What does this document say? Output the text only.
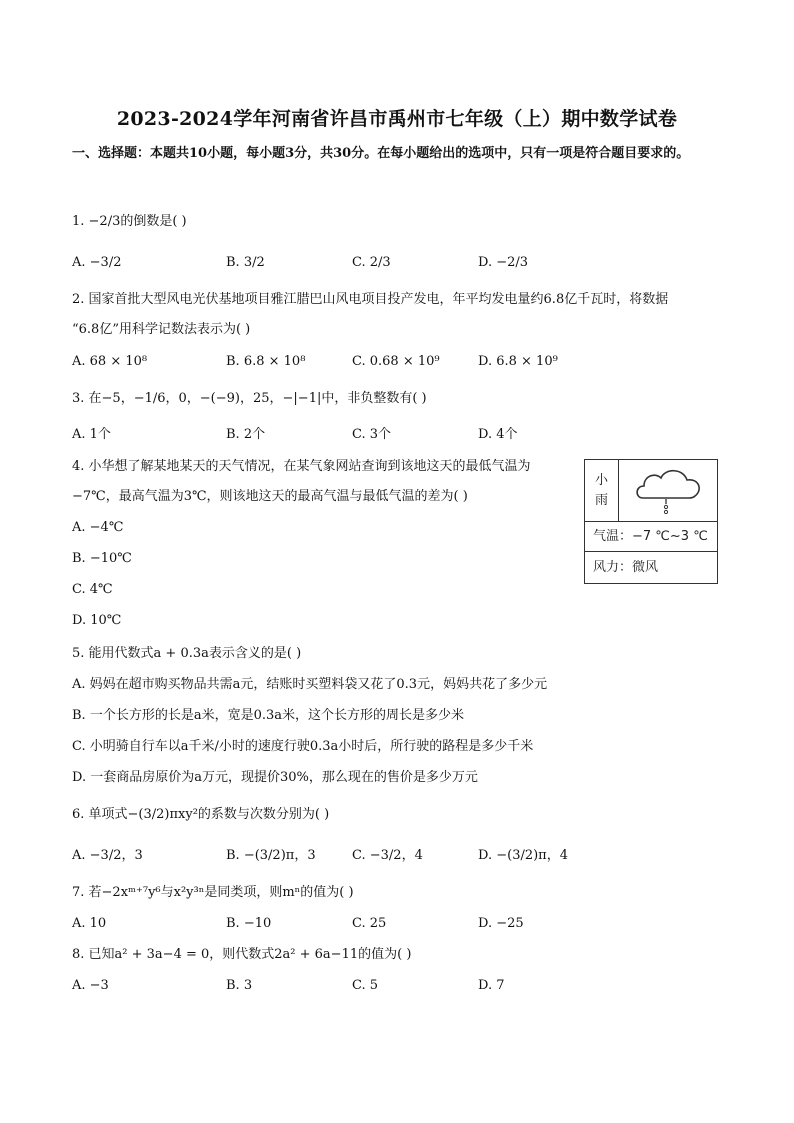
2023-2024学年河南省许昌市禹州市七年级（上）期中数学试卷
一、选择题：本题共10小题，每小题3分，共30分。在每小题给出的选项中，只有一项是符合题目要求的。
1. −2/3的倒数是( )
A. −3/2	B. 3/2	C. 2/3	D. −2/3
2. 国家首批大型风电光伏基地项目雅江腊巴山风电项目投产发电，年平均发电量约6.8亿千瓦时，将数据
“6.8亿”用科学记数法表示为( )
A. 68 × 10⁸	B. 6.8 × 10⁸	C. 0.68 × 10⁹	D. 6.8 × 10⁹
3. 在−5，−1/6，0，−(−9)，25，−|−1|中，非负整数有( )
A. 1个	B. 2个	C. 3个	D. 4个
4. 小华想了解某地某天的天气情况，在某气象网站查询到该地这天的最低气温为
−7℃，最高气温为3℃，则该地这天的最高气温与最低气温的差为( )
A. −4℃
B. −10℃
C. 4℃
D. 10℃
小
雨
气温：−7 ℃~3 ℃
风力：微风
5. 能用代数式a + 0.3a表示含义的是( )
A. 妈妈在超市购买物品共需a元，结账时买塑料袋又花了0.3元，妈妈共花了多少元
B. 一个长方形的长是a米，宽是0.3a米，这个长方形的周长是多少米
C. 小明骑自行车以a千米/小时的速度行驶0.3a小时后，所行驶的路程是多少千米
D. 一套商品房原价为a万元，现提价30%，那么现在的售价是多少万元
6. 单项式−(3/2)πxy²的系数与次数分别为( )
A. −3/2，3	B. −(3/2)π，3	C. −3/2，4	D. −(3/2)π，4
7. 若−2xᵐ⁺⁷y⁶与x²y³ⁿ是同类项，则mⁿ的值为( )
A. 10	B. −10	C. 25	D. −25
8. 已知a² + 3a−4 = 0，则代数式2a² + 6a−11的值为( )
A. −3	B. 3	C. 5	D. 7
